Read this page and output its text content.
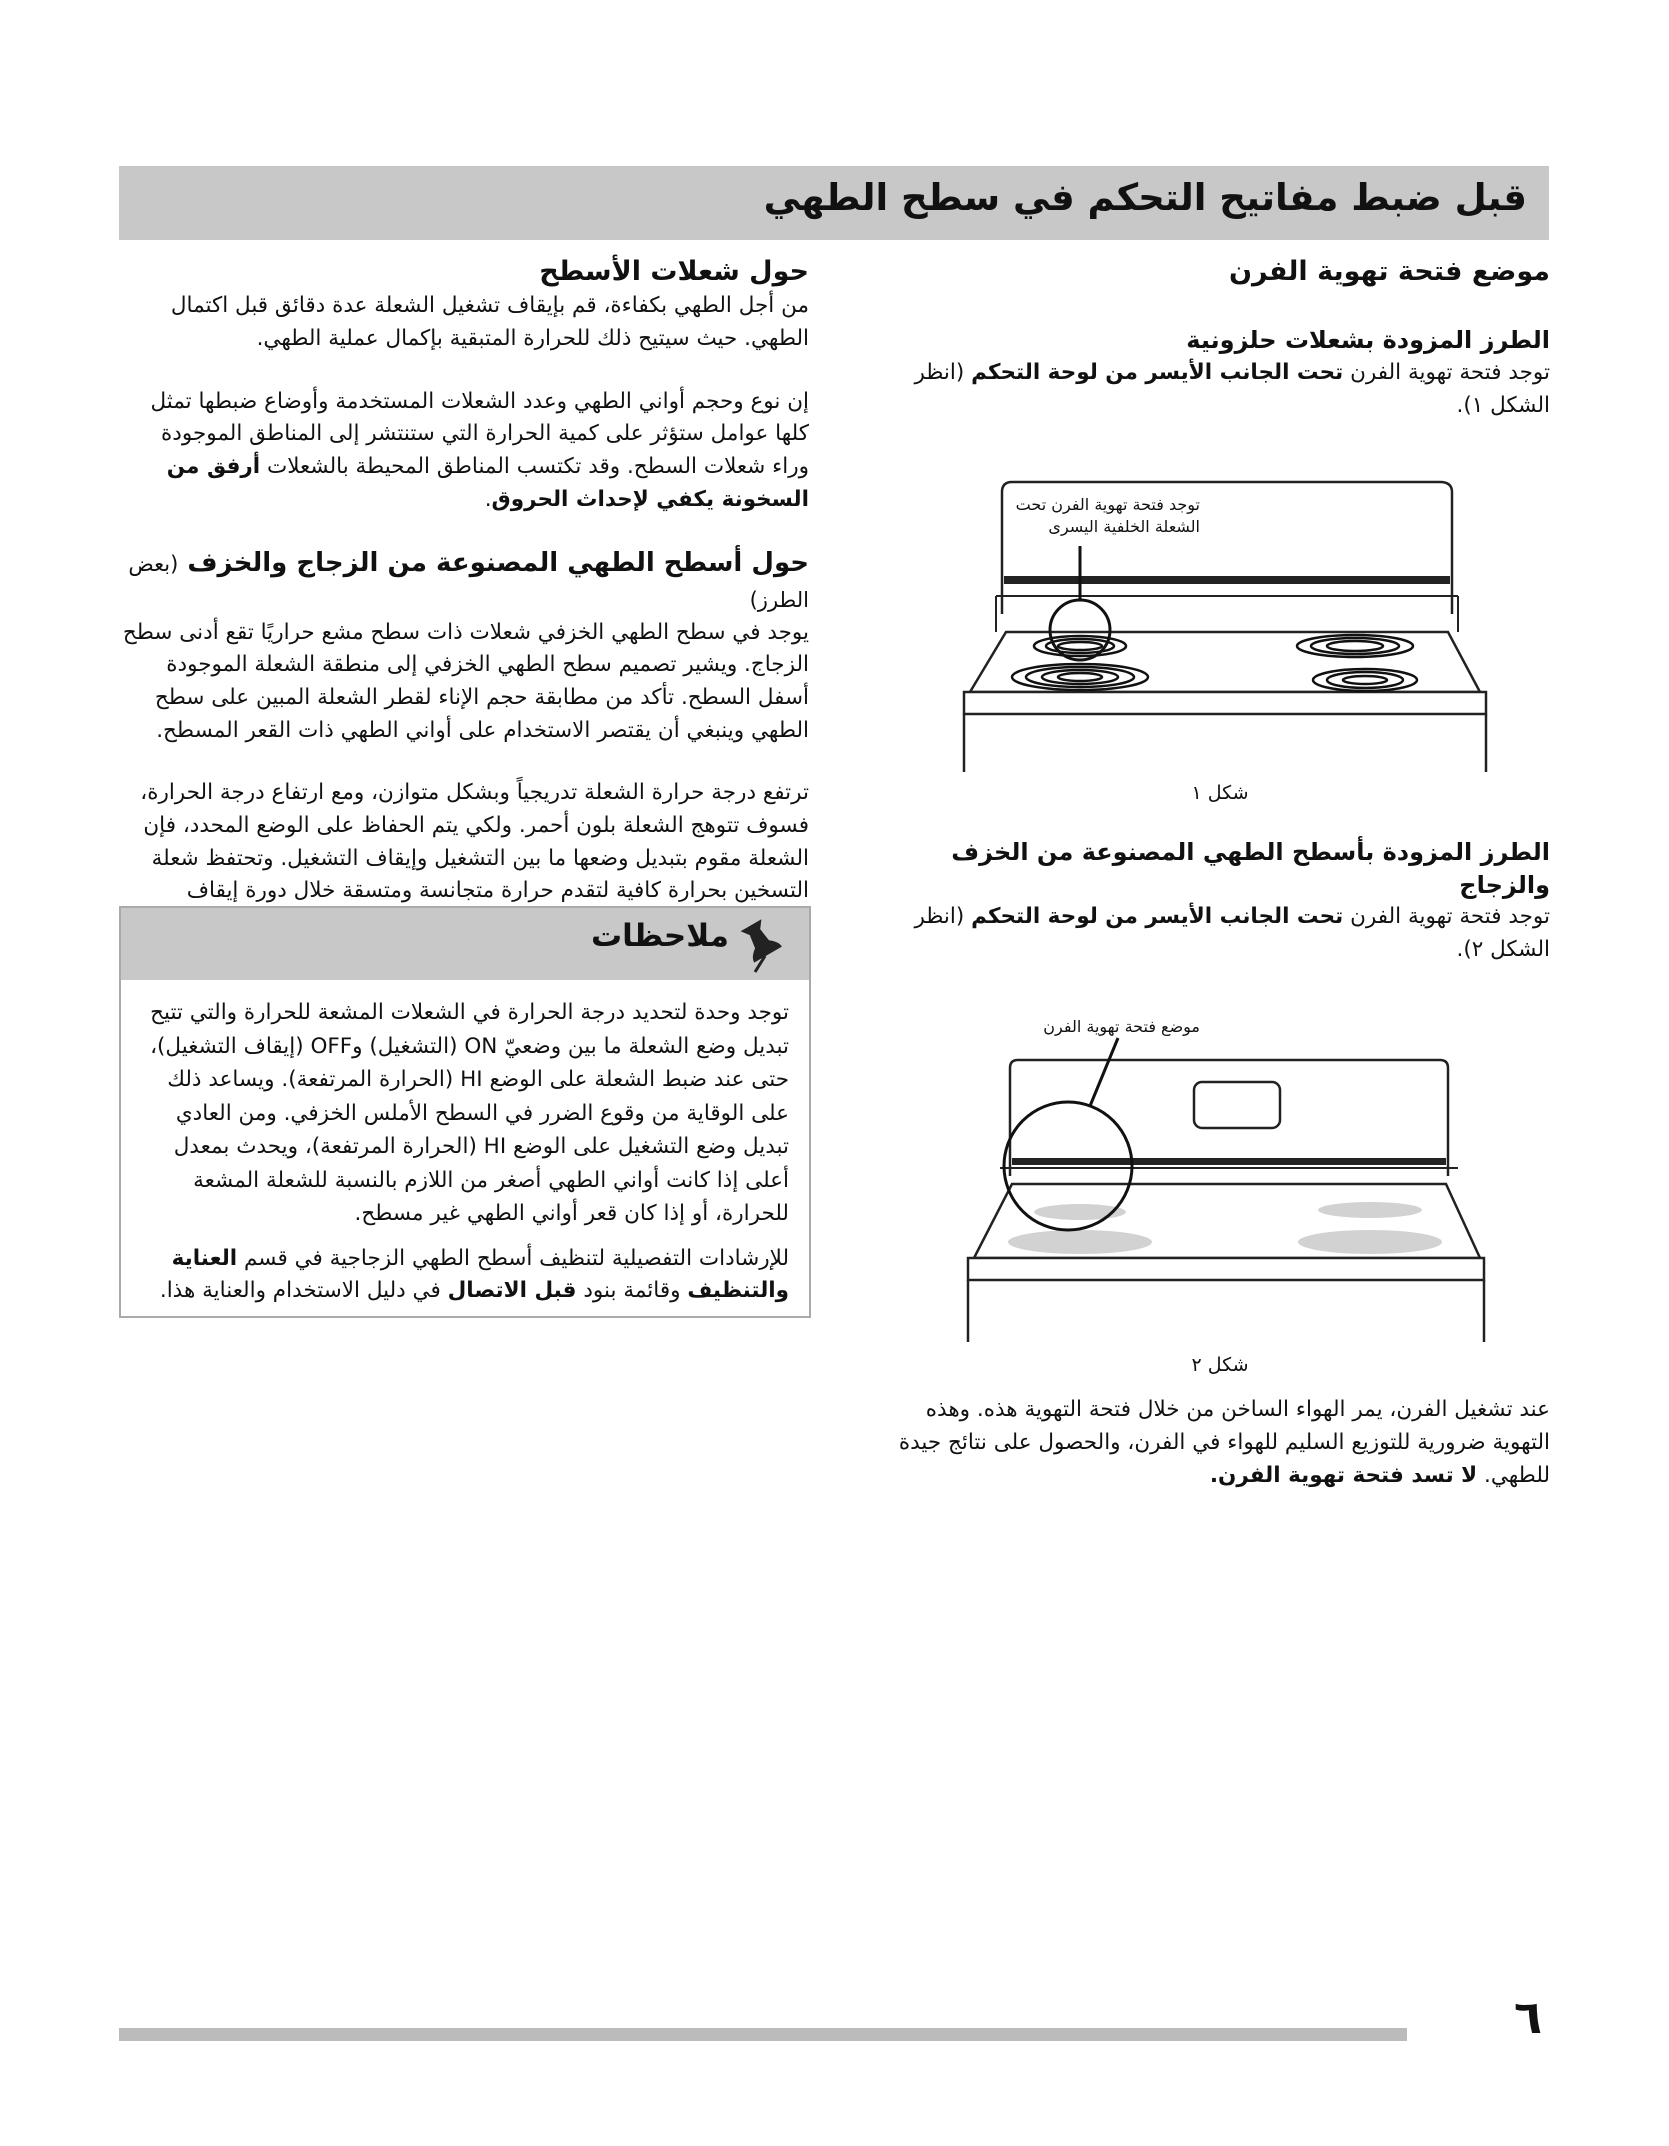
قبل ضبط مفاتيح التحكم في سطح الطهي
موضع فتحة تهوية الفرن
الطرز المزودة بشعلات حلزونية

توجد فتحة تهوية الفرن تحت الجانب الأيسر من لوحة التحكم (انظر الشكل ١).

توجد فتحة تهوية الفرن تحت الشعلة الخلفية اليسرى
شكل ١
الطرز المزودة بأسطح الطهي المصنوعة من الخزف والزجاج

توجد فتحة تهوية الفرن تحت الجانب الأيسر من لوحة التحكم (انظر الشكل ٢).

موضع فتحة تهوية الفرن
شكل ٢

عند تشغيل الفرن، يمر الهواء الساخن من خلال فتحة التهوية هذه. وهذه التهوية ضرورية للتوزيع السليم للهواء في الفرن، والحصول على نتائج جيدة للطهي. لا تسد فتحة تهوية الفرن.

حول شعلات الأسطح

من أجل الطهي بكفاءة، قم بإيقاف تشغيل الشعلة عدة دقائق قبل اكتمال الطهي. حيث سيتيح ذلك للحرارة المتبقية بإكمال عملية الطهي.

إن نوع وحجم أواني الطهي وعدد الشعلات المستخدمة وأوضاع ضبطها تمثل كلها عوامل ستؤثر على كمية الحرارة التي ستنتشر إلى المناطق الموجودة وراء شعلات السطح. وقد تكتسب المناطق المحيطة بالشعلات أرفق من السخونة يكفي لإحداث الحروق.

حول أسطح الطهي المصنوعة من الزجاج والخزف (بعض الطرز)

يوجد في سطح الطهي الخزفي شعلات ذات سطح مشع حراريًا تقع أدنى سطح الزجاج. ويشير تصميم سطح الطهي الخزفي إلى منطقة الشعلة الموجودة أسفل السطح. تأكد من مطابقة حجم الإناء لقطر الشعلة المبين على سطح الطهي وينبغي أن يقتصر الاستخدام على أواني الطهي ذات القعر المسطح.

ترتفع درجة حرارة الشعلة تدريجياً وبشكل متوازن، ومع ارتفاع درجة الحرارة، فسوف تتوهج الشعلة بلون أحمر. ولكي يتم الحفاظ على الوضع المحدد، فإن الشعلة مقوم بتبديل وضعها ما بين التشغيل وإيقاف التشغيل. وتحتفظ شعلة التسخين بحرارة كافية لتقدم حرارة متجانسة ومتسقة خلال دورة إيقاف

ملاحظات

توجد وحدة لتحديد درجة الحرارة في الشعلات المشعة للحرارة والتي تتيح تبديل وضع الشعلة ما بين وضعيّ ON (التشغيل) وOFF (إيقاف التشغيل)، حتى عند ضبط الشعلة على الوضع HI (الحرارة المرتفعة). ويساعد ذلك على الوقاية من وقوع الضرر في السطح الأملس الخزفي. ومن العادي تبديل وضع التشغيل على الوضع HI (الحرارة المرتفعة)، ويحدث بمعدل أعلى إذا كانت أواني الطهي أصغر من اللازم بالنسبة للشعلة المشعة للحرارة، أو إذا كان قعر أواني الطهي غير مسطح.

للإرشادات التفصيلية لتنظيف أسطح الطهي الزجاجية في قسم العناية والتنظيف وقائمة بنود قبل الاتصال في دليل الاستخدام والعناية هذا.

٦
